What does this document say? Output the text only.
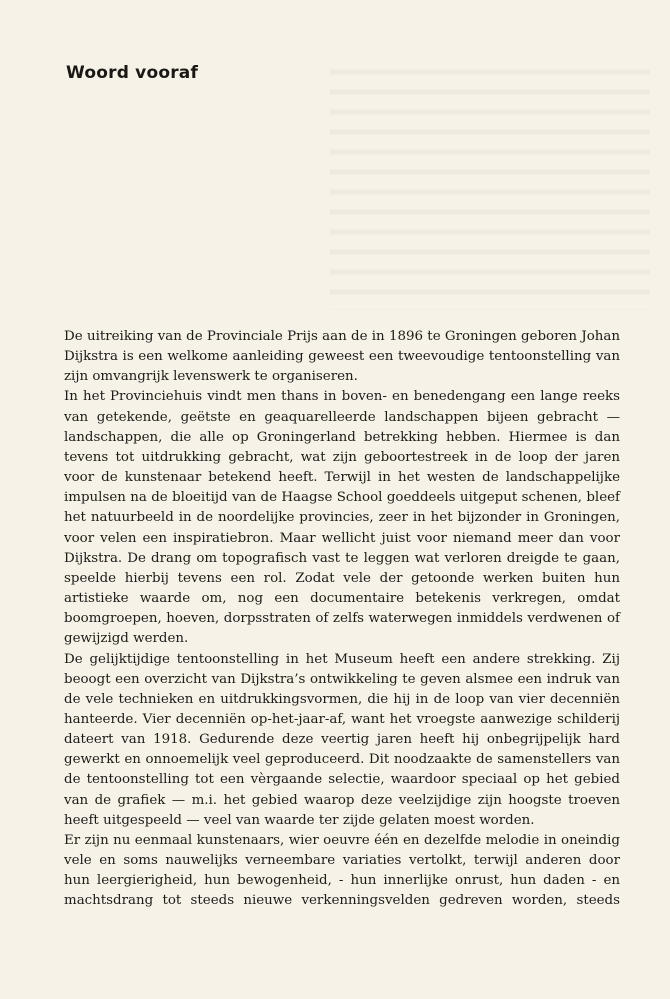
Woord vooraf

De uitreiking van de Provinciale Prijs aan de in 1896 te Groningen geboren Johan Dijkstra is een welkome aanleiding geweest een tweevoudige tentoonstelling van zijn omvangrijk levenswerk te organiseren.

In het Provinciehuis vindt men thans in boven- en benedengang een lange reeks van getekende, geëtste en geaquarelleerde landschappen bijeen gebracht — landschappen, die alle op Groningerland betrekking hebben. Hiermee is dan tevens tot uitdrukking gebracht, wat zijn geboortestreek in de loop der jaren voor de kunstenaar betekend heeft. Terwijl in het westen de landschappelijke impulsen na de bloeitijd van de Haagse School goeddeels uitgeput schenen, bleef het natuurbeeld in de noordelijke provincies, zeer in het bijzonder in Groningen, voor velen een inspiratiebron. Maar wellicht juist voor niemand meer dan voor Dijkstra. De drang om topografisch vast te leggen wat verloren dreigde te gaan, speelde hierbij tevens een rol. Zodat vele der getoonde werken buiten hun artistieke waarde om, nog een documentaire betekenis verkregen, omdat boomgroepen, hoeven, dorpsstraten of zelfs waterwegen inmiddels verdwenen of gewijzigd werden.

De gelijktijdige tentoonstelling in het Museum heeft een andere strekking. Zij beoogt een overzicht van Dijkstra’s ontwikkeling te geven alsmee een indruk van de vele technieken en uitdrukkingsvormen, die hij in de loop van vier decenniën hanteerde. Vier decenniën op-het-jaar-af, want het vroegste aanwezige schilderij dateert van 1918. Gedurende deze veertig jaren heeft hij onbegrijpelijk hard gewerkt en onnoemelijk veel geproduceerd. Dit noodzaakte de samenstellers van de tentoonstelling tot een vèrgaande selectie, waardoor speciaal op het gebied van de grafiek — m.i. het gebied waarop deze veelzijdige zijn hoogste troeven heeft uitgespeeld — veel van waarde ter zijde gelaten moest worden.

Er zijn nu eenmaal kunstenaars, wier oeuvre één en dezelfde melodie in oneindig vele en soms nauwelijks verneembare variaties vertolkt, terwijl anderen door hun leergierigheid, hun bewogenheid, - hun innerlijke onrust, hun daden - en machtsdrang tot steeds nieuwe verkenningsvelden gedreven worden, steeds
